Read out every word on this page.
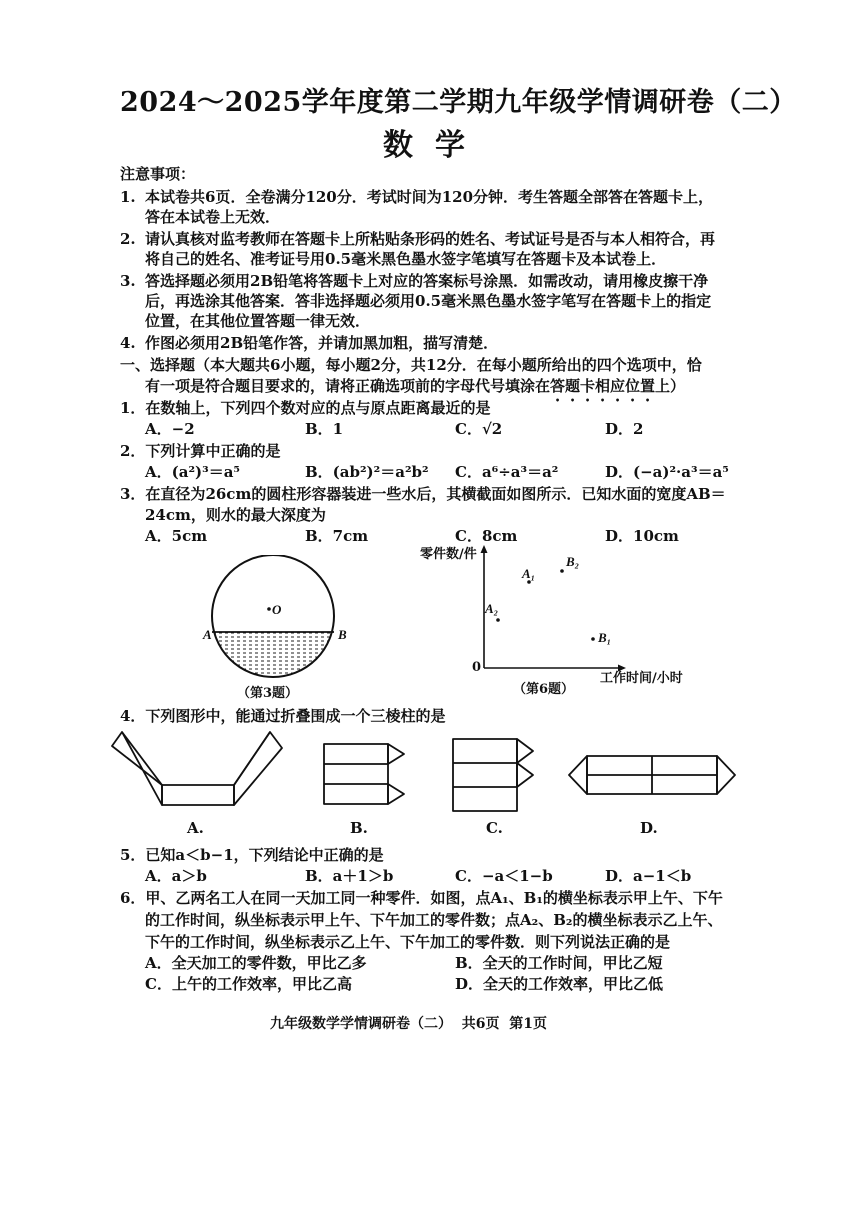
2024～2025学年度第二学期九年级学情调研卷（二）
数学
注意事项：
1. 本试卷共6页．全卷满分120分．考试时间为120分钟．考生答题全部答在答题卡上，
答在本试卷上无效．
2. 请认真核对监考教师在答题卡上所粘贴条形码的姓名、考试证号是否与本人相符合，再
将自己的姓名、准考证号用0.5毫米黑色墨水签字笔填写在答题卡及本试卷上．
3. 答选择题必须用2B铅笔将答题卡上对应的答案标号涂黑．如需改动，请用橡皮擦干净
后，再选涂其他答案．答非选择题必须用0.5毫米黑色墨水签字笔写在答题卡上的指定
位置，在其他位置答题一律无效．
4. 作图必须用2B铅笔作答，并请加黑加粗，描写清楚．
一、选择题（本大题共6小题，每小题2分，共12分．在每小题所给出的四个选项中，恰
有一项是符合题目要求的，请将正确选项前的字母代号填涂在答题卡相应位置上）
1．在数轴上，下列四个数对应的点与原点距离最近的是
A．−2	B．1	C．√2	D．2
2．下列计算中正确的是
A．(a²)³＝a⁵	B．(ab²)²＝a²b² C．a⁶÷a³＝a²	D．(−a)²·a³＝a⁵
3．在直径为26cm的圆柱形容器装进一些水后，其横截面如图所示．已知水面的宽度AB＝
24cm，则水的最大深度为
A．5cm	B．7cm	C．8cm	D．10cm
O
A	B
（第3题）
零件数/件
工作时间/小时
0
A₁
B₂
A₂
B₁
（第6题）
4．下列图形中，能通过折叠围成一个三棱柱的是
A.	B.	C.	D.
5．已知a＜b−1，下列结论中正确的是
A．a＞b	B．a＋1＞b	C．−a＜1−b	D．a−1＜b
6．甲、乙两名工人在同一天加工同一种零件．如图，点A₁、B₁的横坐标表示甲上午、下午
的工作时间，纵坐标表示甲上午、下午加工的零件数；点A₂、B₂的横坐标表示乙上午、
下午的工作时间，纵坐标表示乙上午、下午加工的零件数．则下列说法正确的是
A．全天加工的零件数，甲比乙多	B．全天的工作时间，甲比乙短
C．上午的工作效率，甲比乙高	D．全天的工作效率，甲比乙低
九年级数学学情调研卷（二）  共6页  第1页
